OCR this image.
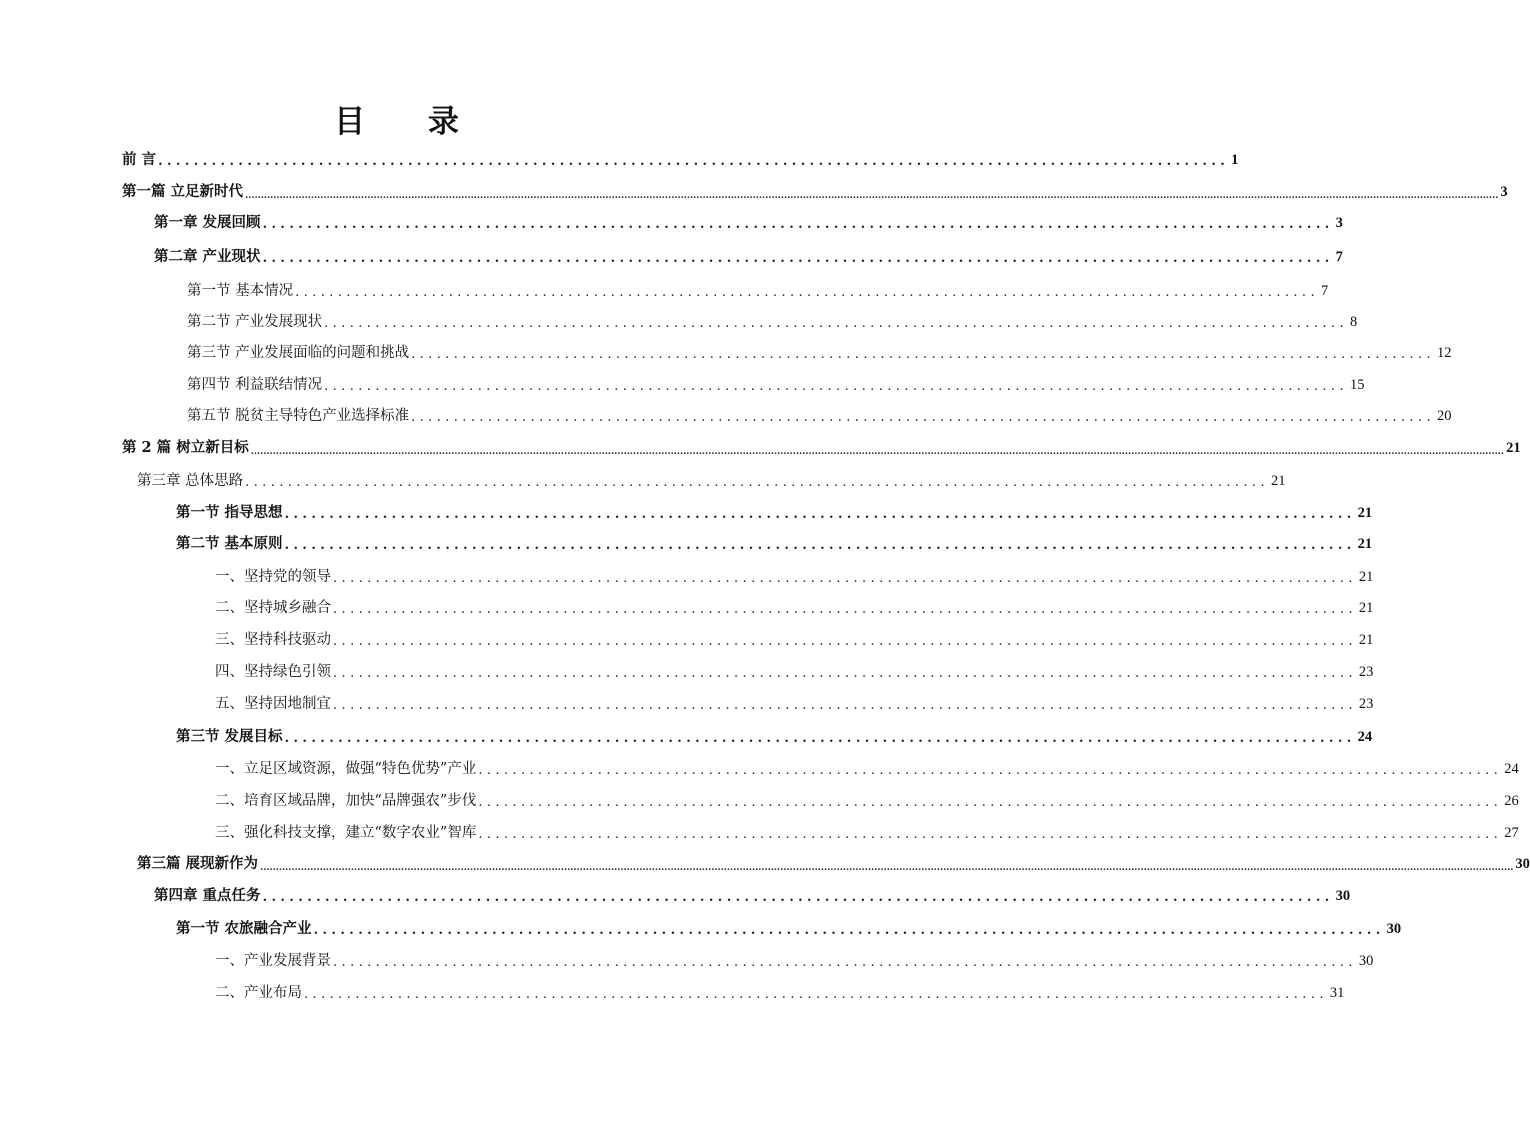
目 录
前 言 ........................................................................................................................ 1
第一篇 立足新时代 ................................................................................................................................................................................................................................................................................................................................................................................................................ 3
第一章 发展回顾 ........................................................................................................................ 3
第二章 产业现状 ........................................................................................................................ 7
第一节 基本情况 ........................................................................................................................ 7
第二节 产业发展现状 ........................................................................................................................ 8
第三节 产业发展面临的问题和挑战 ........................................................................................................................ 12
第四节 利益联结情况 ........................................................................................................................ 15
第五节 脱贫主导特色产业选择标准 ........................................................................................................................ 20
第 2 篇 树立新目标 ................................................................................................................................................................................................................................................................................................................................................................................................................ 21
第三章 总体思路 ........................................................................................................................ 21
第一节 指导思想 ........................................................................................................................ 21
第二节 基本原则 ........................................................................................................................ 21
一、坚持党的领导 ........................................................................................................................ 21
二、坚持城乡融合 ........................................................................................................................ 21
三、坚持科技驱动 ........................................................................................................................ 21
四、坚持绿色引领 ........................................................................................................................ 23
五、坚持因地制宜 ........................................................................................................................ 23
第三节 发展目标 ........................................................................................................................ 24
一、立足区域资源，做强“特色优势”产业 ........................................................................................................................ 24
二、培育区域品牌，加快“品牌强农”步伐 ........................................................................................................................ 26
三、强化科技支撑，建立“数字农业”智库 ........................................................................................................................ 27
第三篇 展现新作为 ................................................................................................................................................................................................................................................................................................................................................................................................................ 30
第四章 重点任务 ........................................................................................................................ 30
第一节 农旅融合产业 ........................................................................................................................ 30
一、产业发展背景 ........................................................................................................................ 30
二、产业布局 ........................................................................................................................ 31
